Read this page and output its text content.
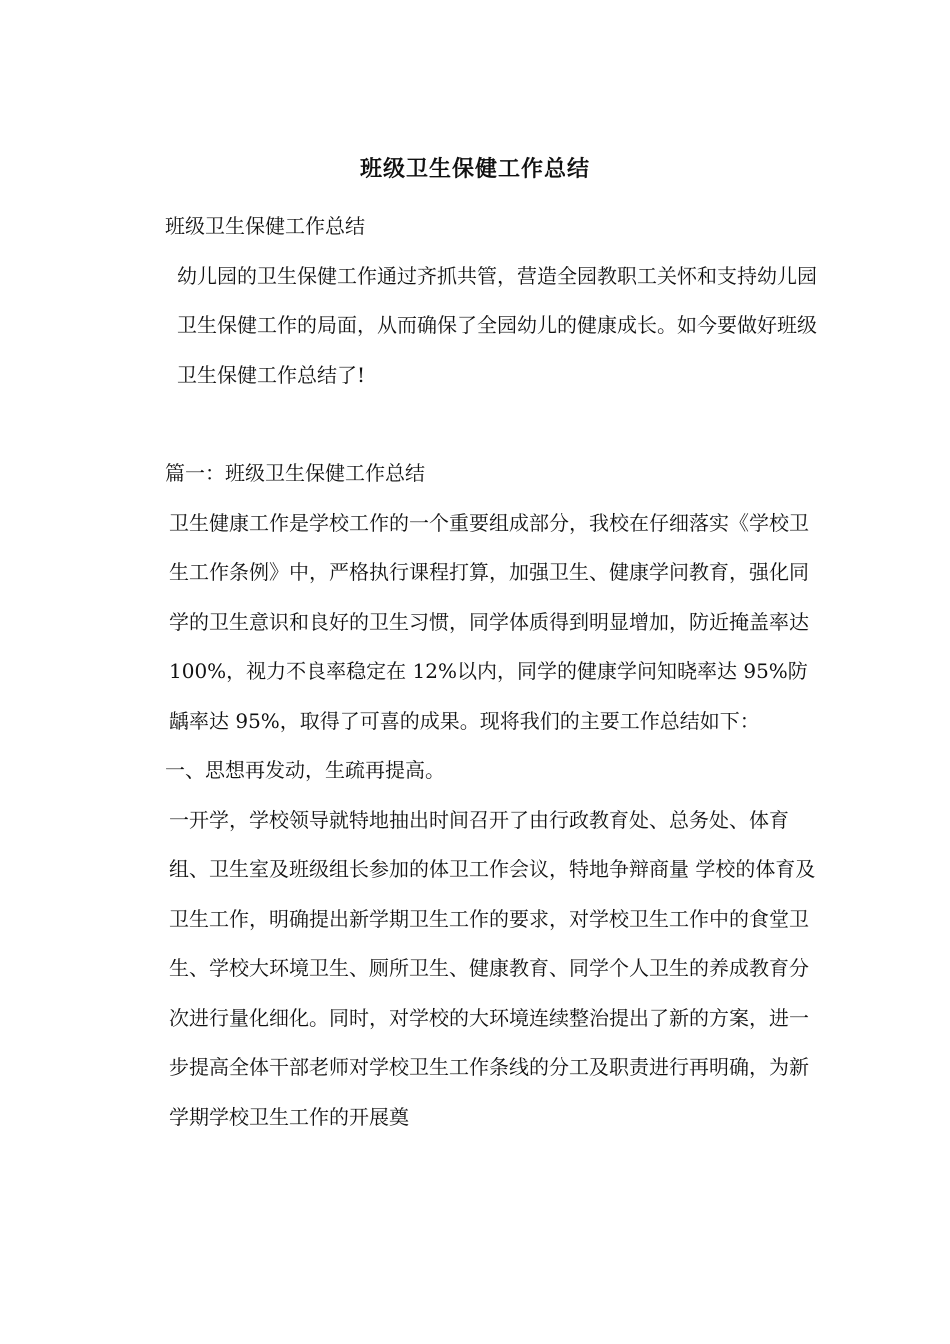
班级卫生保健工作总结

班级卫生保健工作总结

幼儿园的卫生保健工作通过齐抓共管，营造全园教职工关怀和支持幼儿园卫生保健工作的局面，从而确保了全园幼儿的健康成长。如今要做好班级卫生保健工作总结了!

篇一：班级卫生保健工作总结

卫生健康工作是学校工作的一个重要组成部分，我校在仔细落实《学校卫生工作条例》中，严格执行课程打算，加强卫生、健康学问教育，强化同学的卫生意识和良好的卫生习惯，同学体质得到明显增加，防近掩盖率达 100%，视力不良率稳定在 12%以内，同学的健康学问知晓率达 95%防龋率达 95%，取得了可喜的成果。现将我们的主要工作总结如下：

一、思想再发动，生疏再提高。

一开学，学校领导就特地抽出时间召开了由行政教育处、总务处、体育组、卫生室及班级组长参加的体卫工作会议，特地争辩商量 学校的体育及卫生工作，明确提出新学期卫生工作的要求，对学校卫生工作中的食堂卫生、学校大环境卫生、厕所卫生、健康教育、同学个人卫生的养成教育分次进行量化细化。同时，对学校的大环境连续整治提出了新的方案，进一步提高全体干部老师对学校卫生工作条线的分工及职责进行再明确，为新学期学校卫生工作的开展奠
